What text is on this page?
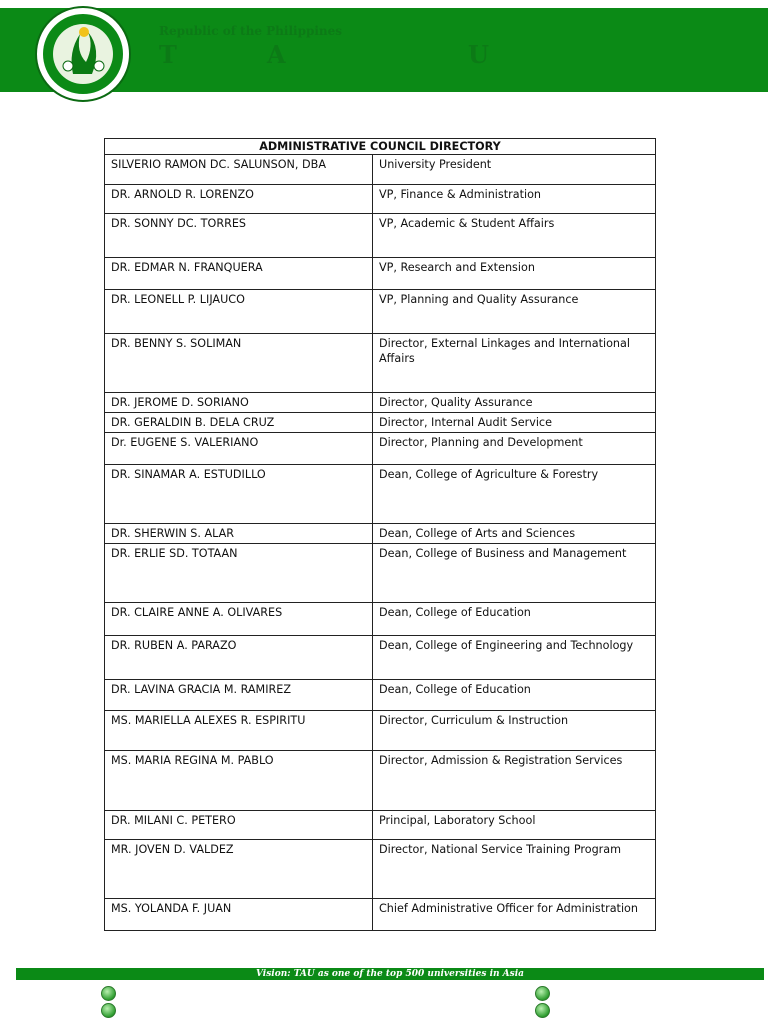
Republic of the Philippines
T	A	U
ADMINISTRATIVE COUNCIL DIRECTORY	
SILVERIO RAMON DC. SALUNSON, DBA	University President
DR. ARNOLD R. LORENZO	VP, Finance & Administration
DR. SONNY DC. TORRES	VP, Academic & Student Affairs
DR. EDMAR N. FRANQUERA	VP, Research and Extension
DR. LEONELL P. LIJAUCO	VP, Planning and Quality Assurance
DR. BENNY S. SOLIMAN	Director, External Linkages and International Affairs
DR. JEROME D. SORIANO	Director, Quality Assurance
DR. GERALDIN B. DELA CRUZ	Director, Internal Audit Service
Dr. EUGENE S. VALERIANO	Director, Planning and Development
DR. SINAMAR A. ESTUDILLO	Dean, College of Agriculture & Forestry
DR. SHERWIN S. ALAR	Dean, College of Arts and Sciences
DR. ERLIE SD. TOTAAN	Dean, College of Business and Management
DR. CLAIRE ANNE A. OLIVARES	Dean, College of Education
DR. RUBEN A. PARAZO	Dean, College of Engineering and Technology
DR. LAVINA GRACIA M. RAMIREZ	Dean, College of Education
MS. MARIELLA ALEXES R. ESPIRITU	Director, Curriculum & Instruction
MS. MARIA REGINA M. PABLO	Director, Admission & Registration Services
DR. MILANI C. PETERO	Principal, Laboratory School
MR. JOVEN D. VALDEZ	Director, National Service Training Program
MS. YOLANDA F. JUAN	Chief Administrative Officer for Administration
Vision: TAU as one of the top 500 universities in Asia
